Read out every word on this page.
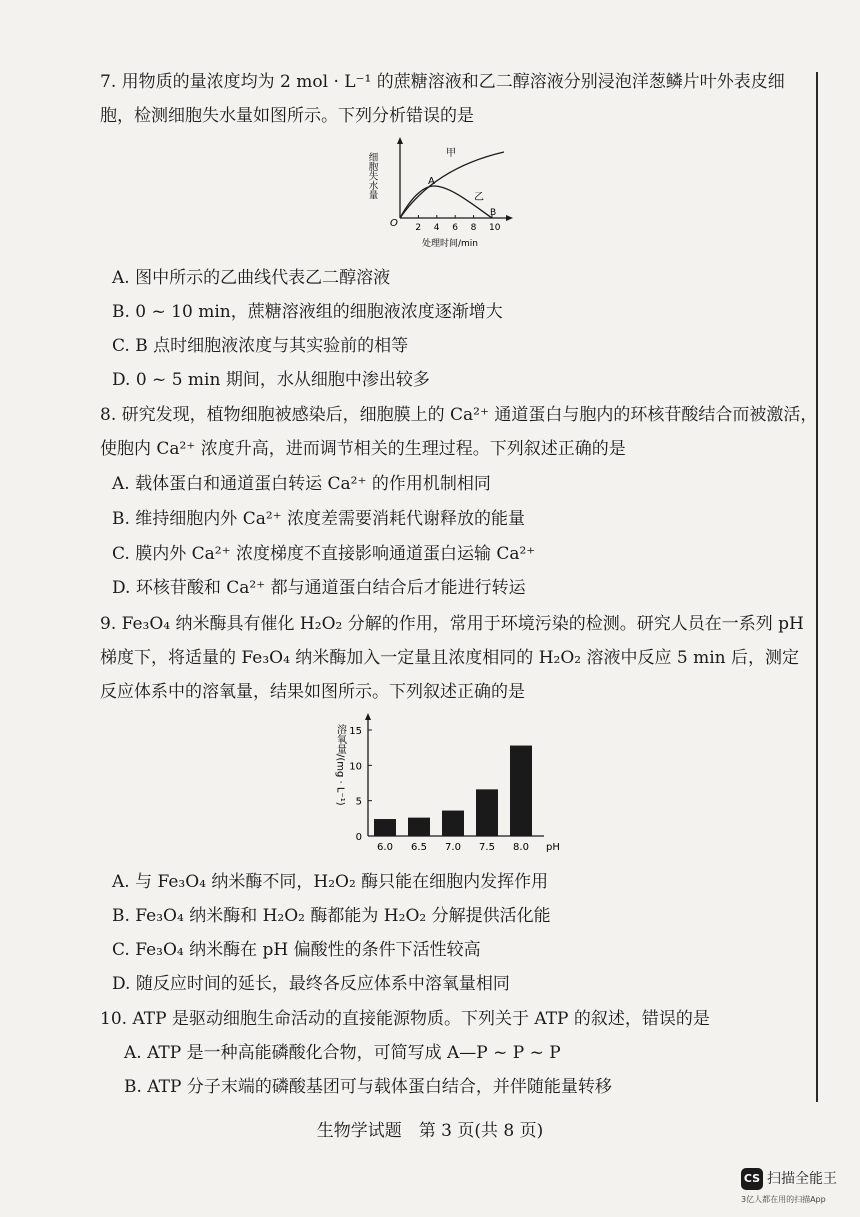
7. 用物质的量浓度均为 2 mol · L⁻¹ 的蔗糖溶液和乙二醇溶液分别浸泡洋葱鳞片叶外表皮细
胞，检测细胞失水量如图所示。下列分析错误的是
2 4 6 8 10
甲
A
乙
B
O
细胞失水量
处理时间/min
A. 图中所示的乙曲线代表乙二醇溶液
B. 0 ~ 10 min，蔗糖溶液组的细胞液浓度逐渐增大
C. B 点时细胞液浓度与其实验前的相等
D. 0 ~ 5 min 期间，水从细胞中渗出较多
8. 研究发现，植物细胞被感染后，细胞膜上的 Ca²⁺ 通道蛋白与胞内的环核苷酸结合而被激活，
使胞内 Ca²⁺ 浓度升高，进而调节相关的生理过程。下列叙述正确的是
A. 载体蛋白和通道蛋白转运 Ca²⁺ 的作用机制相同
B. 维持细胞内外 Ca²⁺ 浓度差需要消耗代谢释放的能量
C. 膜内外 Ca²⁺ 浓度梯度不直接影响通道蛋白运输 Ca²⁺
D. 环核苷酸和 Ca²⁺ 都与通道蛋白结合后才能进行转运
9. Fe₃O₄ 纳米酶具有催化 H₂O₂ 分解的作用，常用于环境污染的检测。研究人员在一系列 pH
梯度下，将适量的 Fe₃O₄ 纳米酶加入一定量且浓度相同的 H₂O₂ 溶液中反应 5 min 后，测定
反应体系中的溶氧量，结果如图所示。下列叙述正确的是
0
5
10
15
溶氧量/(mg · L⁻¹)
6.0 6.5 7.0 7.5 8.0 pH
A. 与 Fe₃O₄ 纳米酶不同，H₂O₂ 酶只能在细胞内发挥作用
B. Fe₃O₄ 纳米酶和 H₂O₂ 酶都能为 H₂O₂ 分解提供活化能
C. Fe₃O₄ 纳米酶在 pH 偏酸性的条件下活性较高
D. 随反应时间的延长，最终各反应体系中溶氧量相同
10. ATP 是驱动细胞生命活动的直接能源物质。下列关于 ATP 的叙述，错误的是
A. ATP 是一种高能磷酸化合物，可简写成 A—P ~ P ~ P
B. ATP 分子末端的磷酸基团可与载体蛋白结合，并伴随能量转移
生物学试题　第 3 页(共 8 页)
CS 扫描全能王
3亿人都在用的扫描App
